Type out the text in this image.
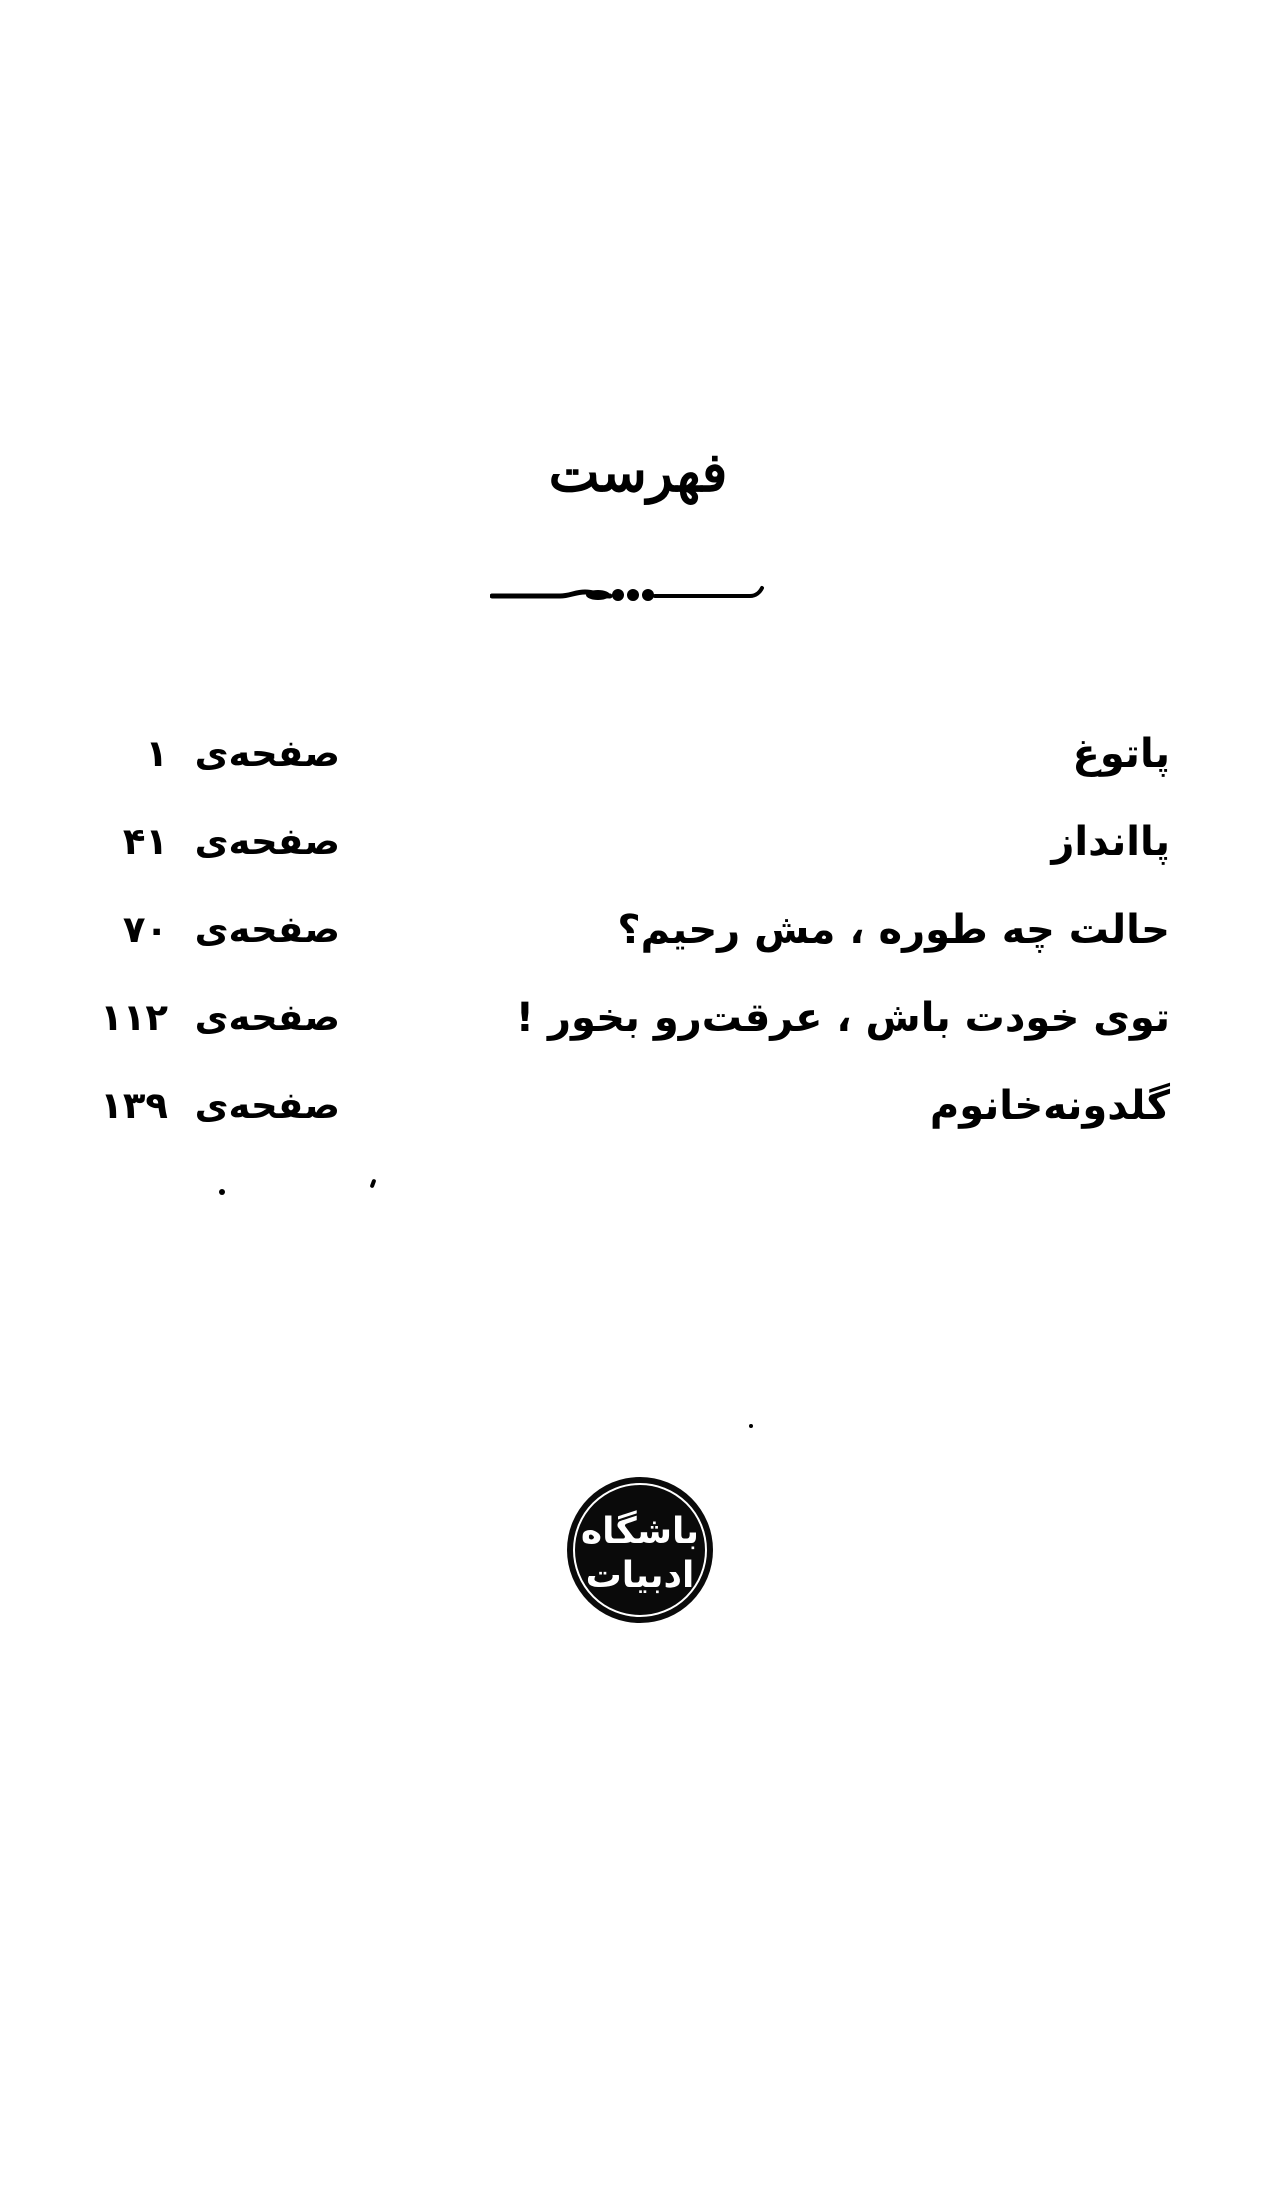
فهرست
پاتوغ
صفحه‌ی
۱
پاانداز
صفحه‌ی
۴۱
حالت چه طوره ، مش رحیم؟
صفحه‌ی
۷۰
توی خودت باش ، عرقت‌رو بخور !
صفحه‌ی
۱۱۲
گلدونه‌خانوم
صفحه‌ی
۱۳۹
باشگاه
ادبیات
